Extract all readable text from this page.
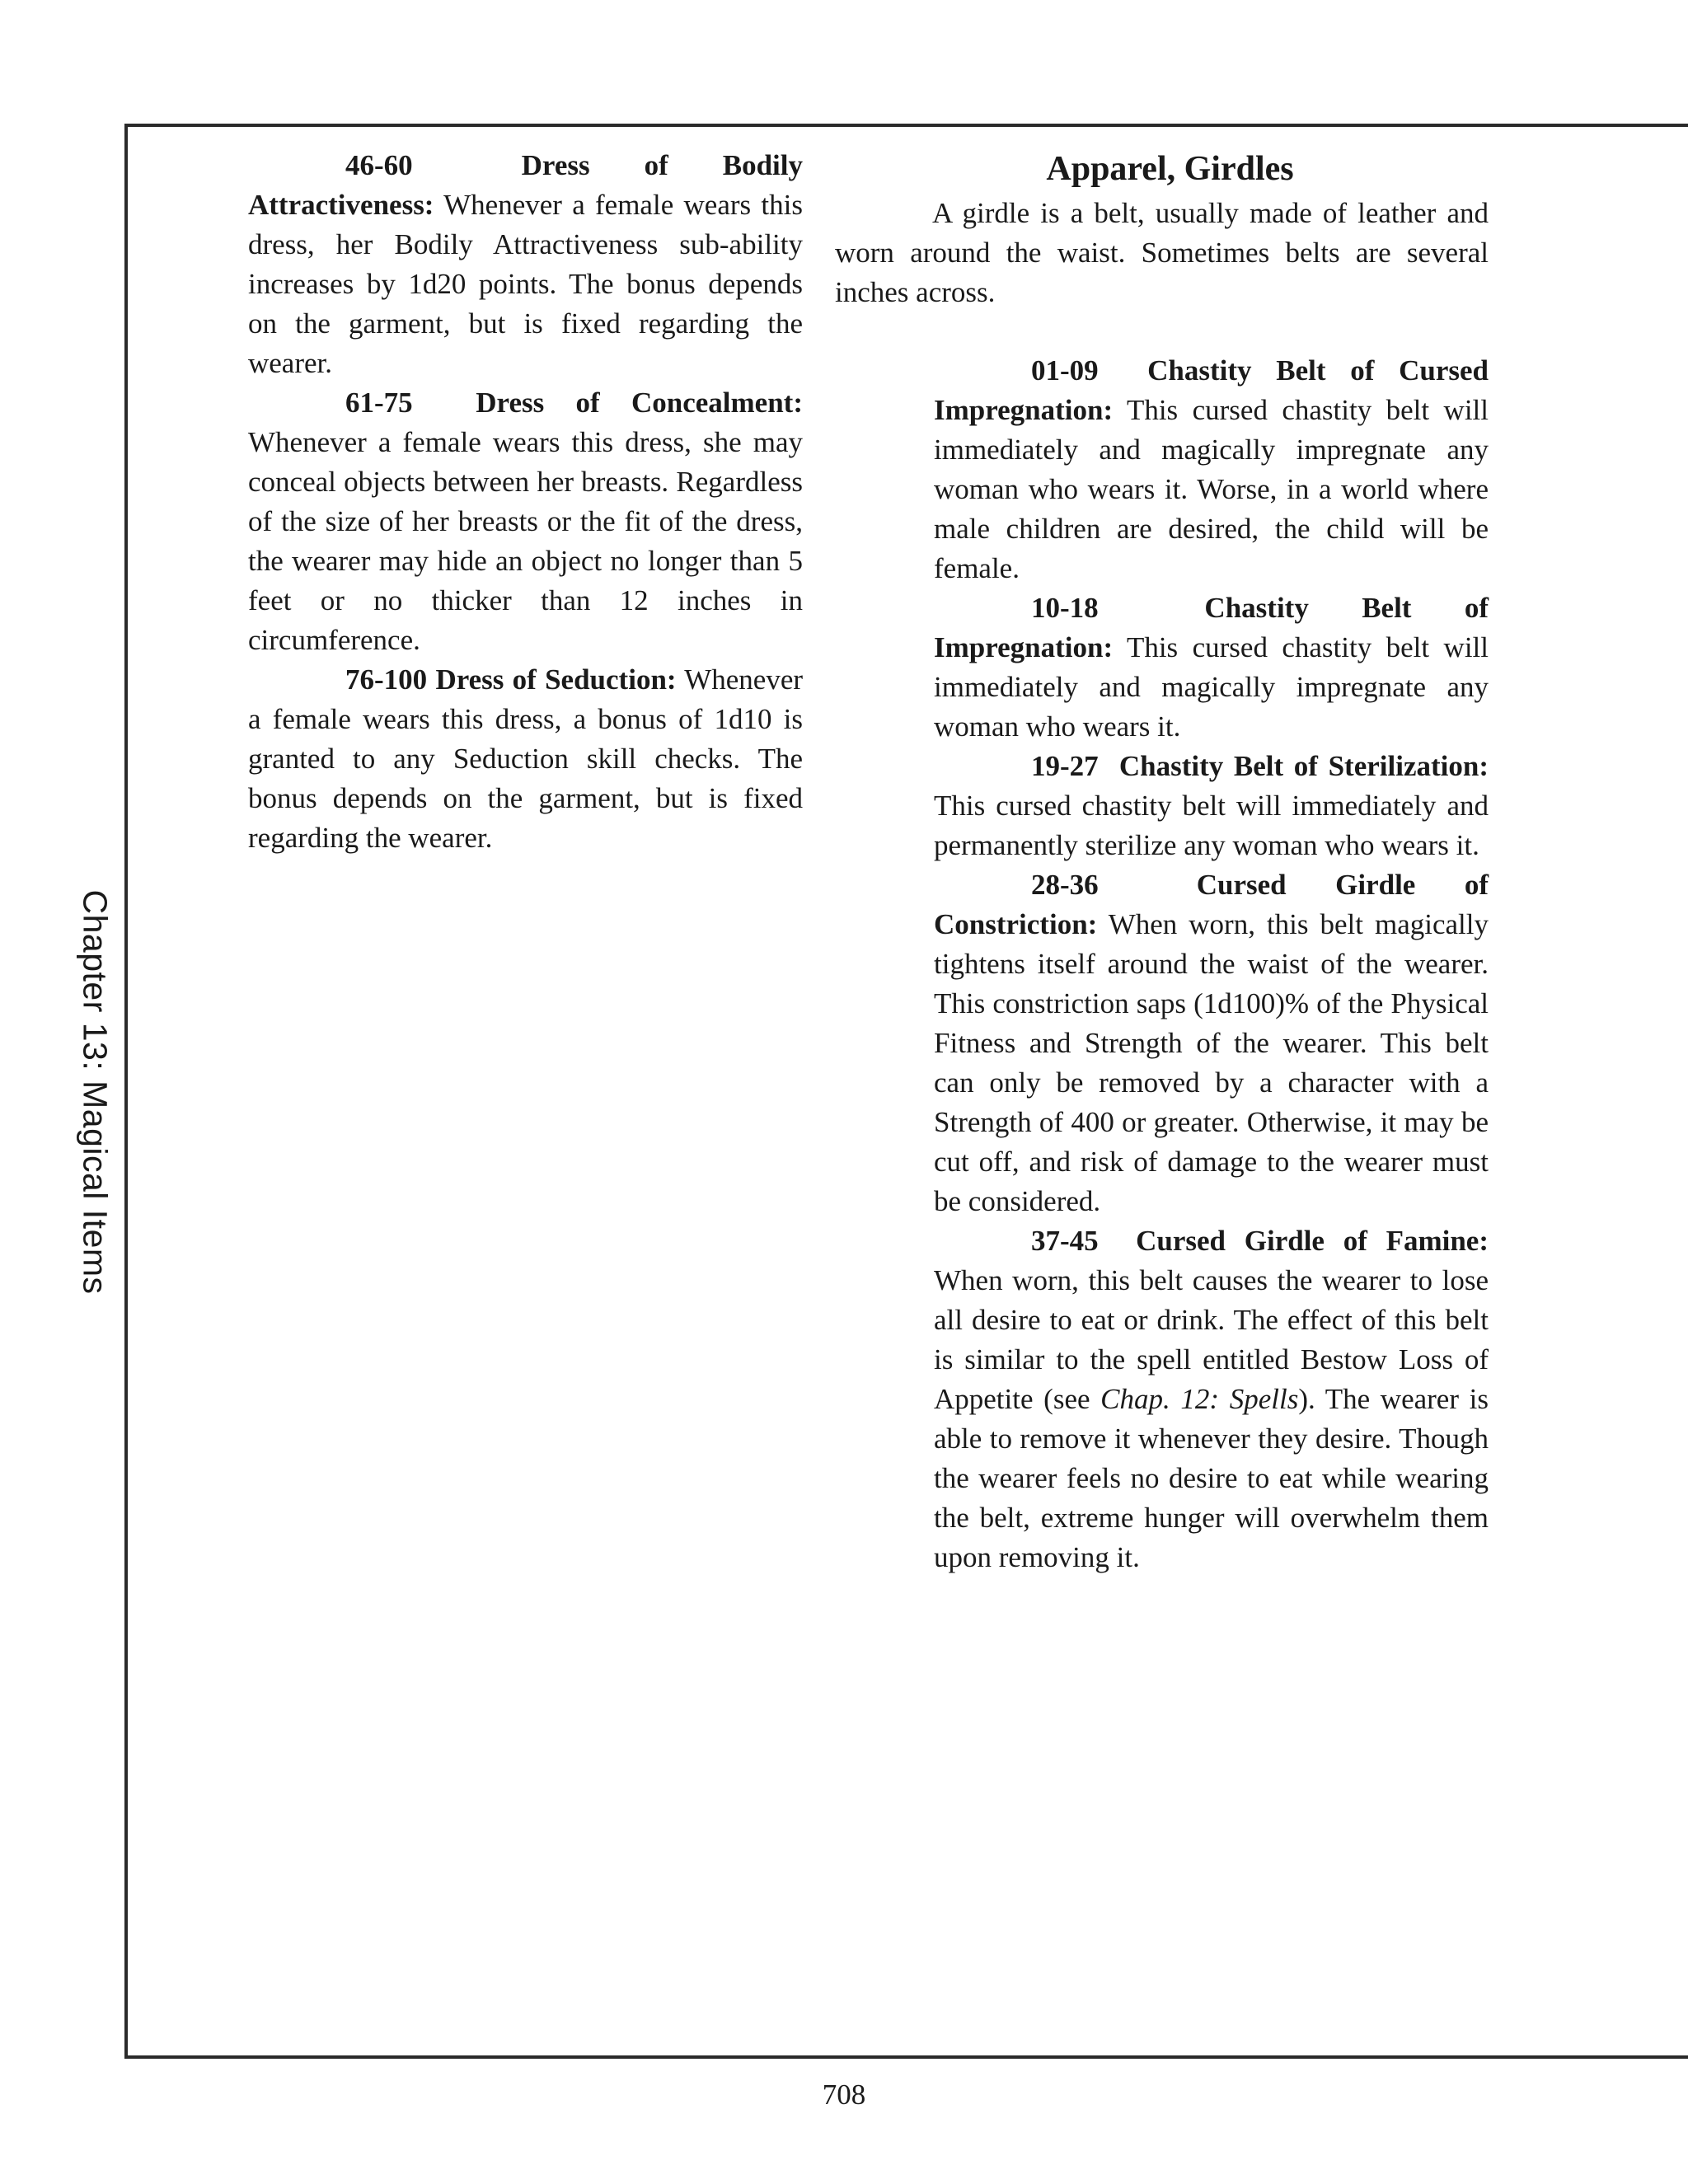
Chapter 13: Magical Items

46-60	Dress of Bodily Attractiveness: Whenever a female wears this dress, her Bodily Attractiveness sub-ability increases by 1d20 points. The bonus depends on the garment, but is fixed regarding the wearer.

61-75 Dress of Concealment: Whenever a female wears this dress, she may conceal objects between her breasts. Regardless of the size of her breasts or the fit of the dress, the wearer may hide an object no longer than 5 feet or no thicker than 12 inches in circumference.

76-100 Dress of Seduction: Whenever a female wears this dress, a bonus of 1d10 is granted to any Seduction skill checks. The bonus depends on the garment, but is fixed regarding the wearer.

Apparel, Girdles

A girdle is a belt, usually made of leather and worn around the waist. Sometimes belts are several inches across.

01-09 Chastity Belt of Cursed Impregnation: This cursed chastity belt will immediately and magically impregnate any woman who wears it. Worse, in a world where male children are desired, the child will be female.

10-18	Chastity Belt of Impregnation: This cursed chastity belt will immediately and magically impregnate any woman who wears it.

19-27 Chastity Belt of Sterilization: This cursed chastity belt will immediately and permanently sterilize any woman who wears it.

28-36	Cursed Girdle of Constriction: When worn, this belt magically tightens itself around the waist of the wearer. This constriction saps (1d100)% of the Physical Fitness and Strength of the wearer. This belt can only be removed by a character with a Strength of 400 or greater. Otherwise, it may be cut off, and risk of damage to the wearer must be considered.

37-45 Cursed Girdle of Famine: When worn, this belt causes the wearer to lose all desire to eat or drink. The effect of this belt is similar to the spell entitled Bestow Loss of Appetite (see Chap. 12: Spells). The wearer is able to remove it whenever they desire. Though the wearer feels no desire to eat while wearing the belt, extreme hunger will overwhelm them upon removing it.

708
